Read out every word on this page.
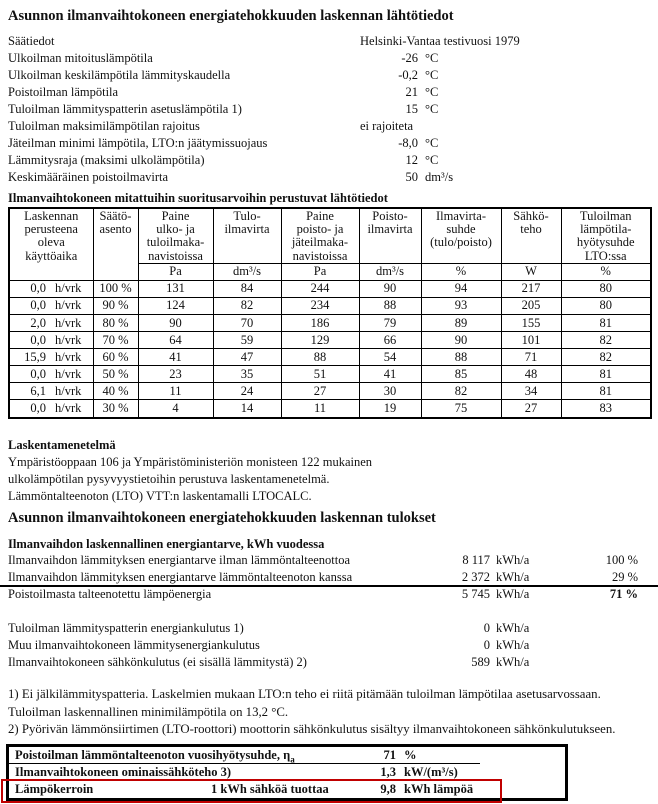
Asunnon ilmanvaihtokoneen energiatehokkuuden laskennan lähtötiedot
Säätiedot	Helsinki-Vantaa testivuosi 1979
Ulkoilman mitoituslämpötila	-26 °C
Ulkoilman keskilämpötila lämmityskaudella	-0,2 °C
Poistoilman lämpötila	21 °C
Tuloilman lämmityspatterin asetuslämpötila 1)	15 °C
Tuloilman maksimilämpötilan rajoitus	ei rajoiteta
Jäteilman minimi lämpötila, LTO:n jäätymissuojaus	-8,0 °C
Lämmitysraja (maksimi ulkolämpötila)	12 °C
Keskimääräinen poistoilmavirta	50 dm³/s
Ilmanvaihtokoneen mitattuihin suoritusarvoihin perustuvat lähtötiedot
Laskennan
perusteena
oleva
käyttöaika

Säätö-
asento

Paine
ulko- ja
tuloilmaka-
navistoissa

Tulo-
ilmavirta

Paine
poisto- ja
jäteilmaka-
navistoissa

Poisto-
ilmavirta

Ilmavirta-
suhde
(tulo/poisto)

Sähkö-
teho

Tuloilman
lämpötila-
hyötysuhde
LTO:ssa

		Pa	dm³/s	Pa	dm³/s	%	W	%
0,0 h/vrk	100 %	131	84	244	90	94	217	80
0,0 h/vrk	90 %	124	82	234	88	93	205	80
2,0 h/vrk	80 %	90	70	186	79	89	155	81
0,0 h/vrk	70 %	64	59	129	66	90	101	82
15,9 h/vrk	60 %	41	47	88	54	88	71	82
0,0 h/vrk	50 %	23	35	51	41	85	48	81
6,1 h/vrk	40 %	11	24	27	30	82	34	81
0,0 h/vrk	30 %	4	14	11	19	75	27	83
Laskentamenetelmä
Ympäristöoppaan 106 ja Ympäristöministeriön monisteen 122 mukainen
ulkolämpötilan pysyvyystietoihin perustuva laskentamenetelmä.
Lämmöntalteenoton (LTO) VTT:n laskentamalli LTOCALC.
Asunnon ilmanvaihtokoneen energiatehokkuuden laskennan tulokset
Ilmanvaihdon laskennallinen energiantarve, kWh vuodessa
Ilmanvaihdon lämmityksen energiantarve ilman lämmöntalteenottoa	8 117 kWh/a	100 %
Ilmanvaihdon lämmityksen energiantarve lämmöntalteenoton kanssa	2 372 kWh/a	29 %
Poistoilmasta talteenotettu lämpöenergia	5 745 kWh/a	71 %
Tuloilman lämmityspatterin energiankulutus 1)	0 kWh/a
Muu ilmanvaihtokoneen lämmitysenergiankulutus	0 kWh/a
Ilmanvaihtokoneen sähkönkulutus (ei sisällä lämmitystä) 2)	589 kWh/a
1) Ei jälkilämmityspatteria. Laskelmien mukaan LTO:n teho ei riitä pitämään tuloilman lämpötilaa asetusarvossaan.
Tuloilman laskennallinen minimilämpötila on 13,2 °C.
2) Pyörivän lämmönsiirtimen (LTO-roottori) moottorin sähkönkulutus sisältyy ilmanvaihtokoneen sähkönkulutukseen.
Poistoilman lämmöntalteenoton vuosihyötysuhde, $\eta_a$	71 %
Ilmanvaihtokoneen ominaissähköteho 3)	1,3 kW/(m³/s)
Lämpökerroin	1 kWh sähköä tuottaa	9,8 kWh lämpöä
